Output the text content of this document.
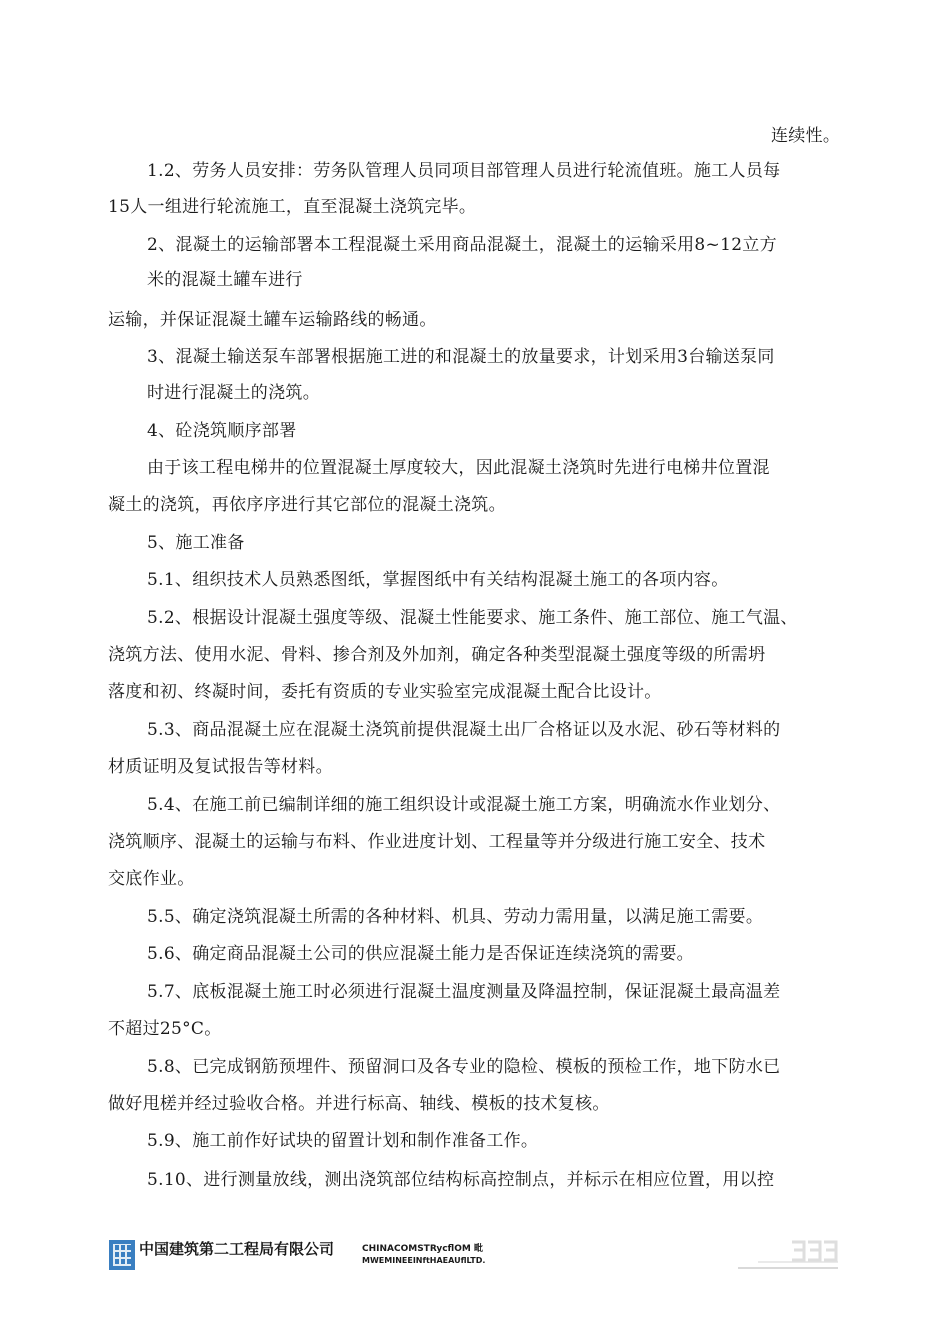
连续性。
1.2、劳务人员安排：劳务队管理人员同项目部管理人员进行轮流值班。施工人员每
15人一组进行轮流施工，直至混凝土浇筑完毕。
2、混凝土的运输部署本工程混凝土采用商品混凝土，混凝土的运输采用8~12立方
米的混凝土罐车进行
运输，并保证混凝土罐车运输路线的畅通。
3、混凝土输送泵车部署根据施工进的和混凝土的放量要求，计划采用3台输送泵同
时进行混凝土的浇筑。
4、砼浇筑顺序部署
由于该工程电梯井的位置混凝土厚度较大，因此混凝土浇筑时先进行电梯井位置混
凝土的浇筑，再依序序进行其它部位的混凝土浇筑。
5、施工准备
5.1、组织技术人员熟悉图纸，掌握图纸中有关结构混凝土施工的各项内容。
5.2、根据设计混凝土强度等级、混凝土性能要求、施工条件、施工部位、施工气温、
浇筑方法、使用水泥、骨料、掺合剂及外加剂，确定各种类型混凝土强度等级的所需坍
落度和初、终凝时间，委托有资质的专业实验室完成混凝土配合比设计。
5.3、商品混凝土应在混凝土浇筑前提供混凝土出厂合格证以及水泥、砂石等材料的
材质证明及复试报告等材料。
5.4、在施工前已编制详细的施工组织设计或混凝土施工方案，明确流水作业划分、
浇筑顺序、混凝土的运输与布料、作业进度计划、工程量等并分级进行施工安全、技术
交底作业。
5.5、确定浇筑混凝土所需的各种材料、机具、劳动力需用量，以满足施工需要。
5.6、确定商品混凝土公司的供应混凝土能力是否保证连续浇筑的需要。
5.7、底板混凝土施工时必须进行混凝土温度测量及降温控制，保证混凝土最高温差
不超过25°C。
5.8、已完成钢筋预埋件、预留洞口及各专业的隐检、模板的预检工作，地下防水已
做好甩槎并经过验收合格。并进行标高、轴线、模板的技术复核。
5.9、施工前作好试块的留置计划和制作准备工作。
5.10、进行测量放线，测出浇筑部位结构标高控制点，并标示在相应位置，用以控
中国建筑第二工程局有限公司	CHINACOMSTRycflOM 毗
MWEMINEEINftHAEAUflLTD.
